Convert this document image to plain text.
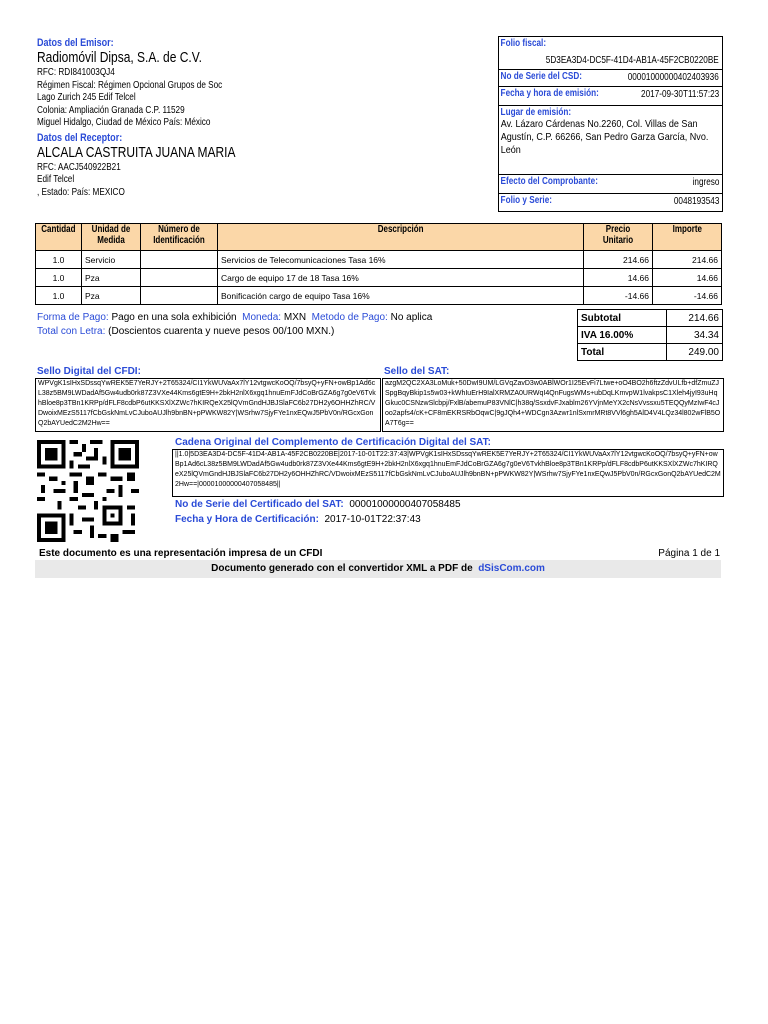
Datos del Emisor:
Radiomóvil Dipsa, S.A. de C.V.
RFC: RDI841003QJ4
Régimen Fiscal: Régimen Opcional Grupos de Soc
Lago Zurich 245 Edif Telcel
Colonia: Ampliación Granada C.P. 11529
Miguel Hidalgo, Ciudad de México País: México
Datos del Receptor:
ALCALA CASTRUITA JUANA MARIA
RFC: AACJ540922B21
Edif Telcel
, Estado: País: MEXICO
Folio fiscal:
5D3EA3D4-DC5F-41D4-AB1A-45F2CB0220BE
No de Serie del CSD:	00001000000402403936
Fecha y hora de emisión:	2017-09-30T11:57:23
Lugar de emisión:
Av. Lázaro Cárdenas No.2260, Col. Villas de San Agustín, C.P. 66266, San Pedro Garza García, Nvo. León
Efecto del Comprobante:	ingreso
Folio y Serie:	0048193543
Cantidad	Unidad de Medida	Número de Identificación	Descripción	Precio Unitario	Importe
1.0	Servicio		Servicios de Telecomunicaciones Tasa 16%	214.66	214.66
1.0	Pza		Cargo de equipo 17 de 18 Tasa 16%	14.66	14.66
1.0	Pza		Bonificación cargo de equipo Tasa 16%	-14.66	-14.66
Forma de Pago: Pago en una sola exhibición Moneda: MXN Metodo de Pago: No aplica
Total con Letra: (Doscientos cuarenta y nueve pesos 00/100 MXN.)
Subtotal	214.66
IVA 16.00%	34.34
Total	249.00
Sello Digital del CFDI:
WPVgK1sIHxSDssqYwREK5E7YeRJY+2T65324/CI1YkWUVaAx7lY12vtgwcKoOQ/7bsyQ+yFN+owBp1Ad6cL38z5BM9LWDadAf5Gw4udb0rk87Z3VXe44Kms6gtE9H+2bkH2nlX6xgq1hnuEmFJdCoBrGZA6g7g0eV6TvkhBloe8p3TBn1KRPp/dFLF8cdbP6utKKSXlXZWc7hKIRQeX25lQVmGndHJBJSlaFC6b27DH2y6OHHZhRC/VDwoixMEzS5117fCbGskNmLvCJuboAUJlh9bnBN+pPWKW82Y|WSrhw7SjyFYe1nxEQwJ5PbV0n/RGcxGonQ2bAYUedC2M2Hw==
Sello del SAT:
azgM2QC2XA3LoMuk+50DwI9UM/LGVqZavD3w0ABlWOr1I25EvFi7Ltwe+oO4BO2h6ftzZdvULfb+dfZmuZJSpgBqyBkip1s5w03+kWhIuErH9IalXRMZA0URWqI4QnFugsWMs+ubDqLKmvpW1lvakpsC1Xleh4jyI93uHqGkuc0CSNzwSlcbpj/FxlB/abemuP83VNlC|h38q/SsxdvFJxablm26YVjnMeYX2cNsVvssxu5TEQQyMzIwF4cJoo2apfs4/cK+CF8mEKRSRbOqwC|9gJQh4+WDCgn3Azwr1nlSxmrMRt8VVl6gh5AlD4V4LQz34l802wFlB5OA7T6g==
Cadena Original del Complemento de Certificación Digital del SAT:
||1.0|5D3EA3D4-DC5F-41D4-AB1A-45F2CB0220BE|2017-10-01T22:37:43|WPVgK1sIHxSDssqYwREK5E7YeRJY+2T65324/CI1YkWUVaAx7lY12vtgwcKoOQ/7bsyQ+yFN+owBp1Ad6cL38z5BM9LWDadAf5Gw4udb0rk87Z3VXe44Kms6gtE9H+2bkH2nlX6xgq1hnuEmFJdCoBrGZA6g7g0eV6TvkhBloe8p3TBn1KRPp/dFLF8cdbP6utKKSXlXZWc7hKIRQeX25lQVmGndHJBJSlaFC6b27DH2y6OHHZhRC/VDwoixMEzS5117fCbGskNmLvCJuboAUJlh9bnBN+pPWKW82Y|WSrhw7SjyFYe1nxEQwJ5PbV0n/RGcxGonQ2bAYUedC2M2Hw==|00001000000407058485||
No de Serie del Certificado del SAT: 00001000000407058485
Fecha y Hora de Certificación: 2017-10-01T22:37:43
Este documento es una representación impresa de un CFDI	Página 1 de 1
Documento generado con el convertidor XML a PDF de dSisCom.com
